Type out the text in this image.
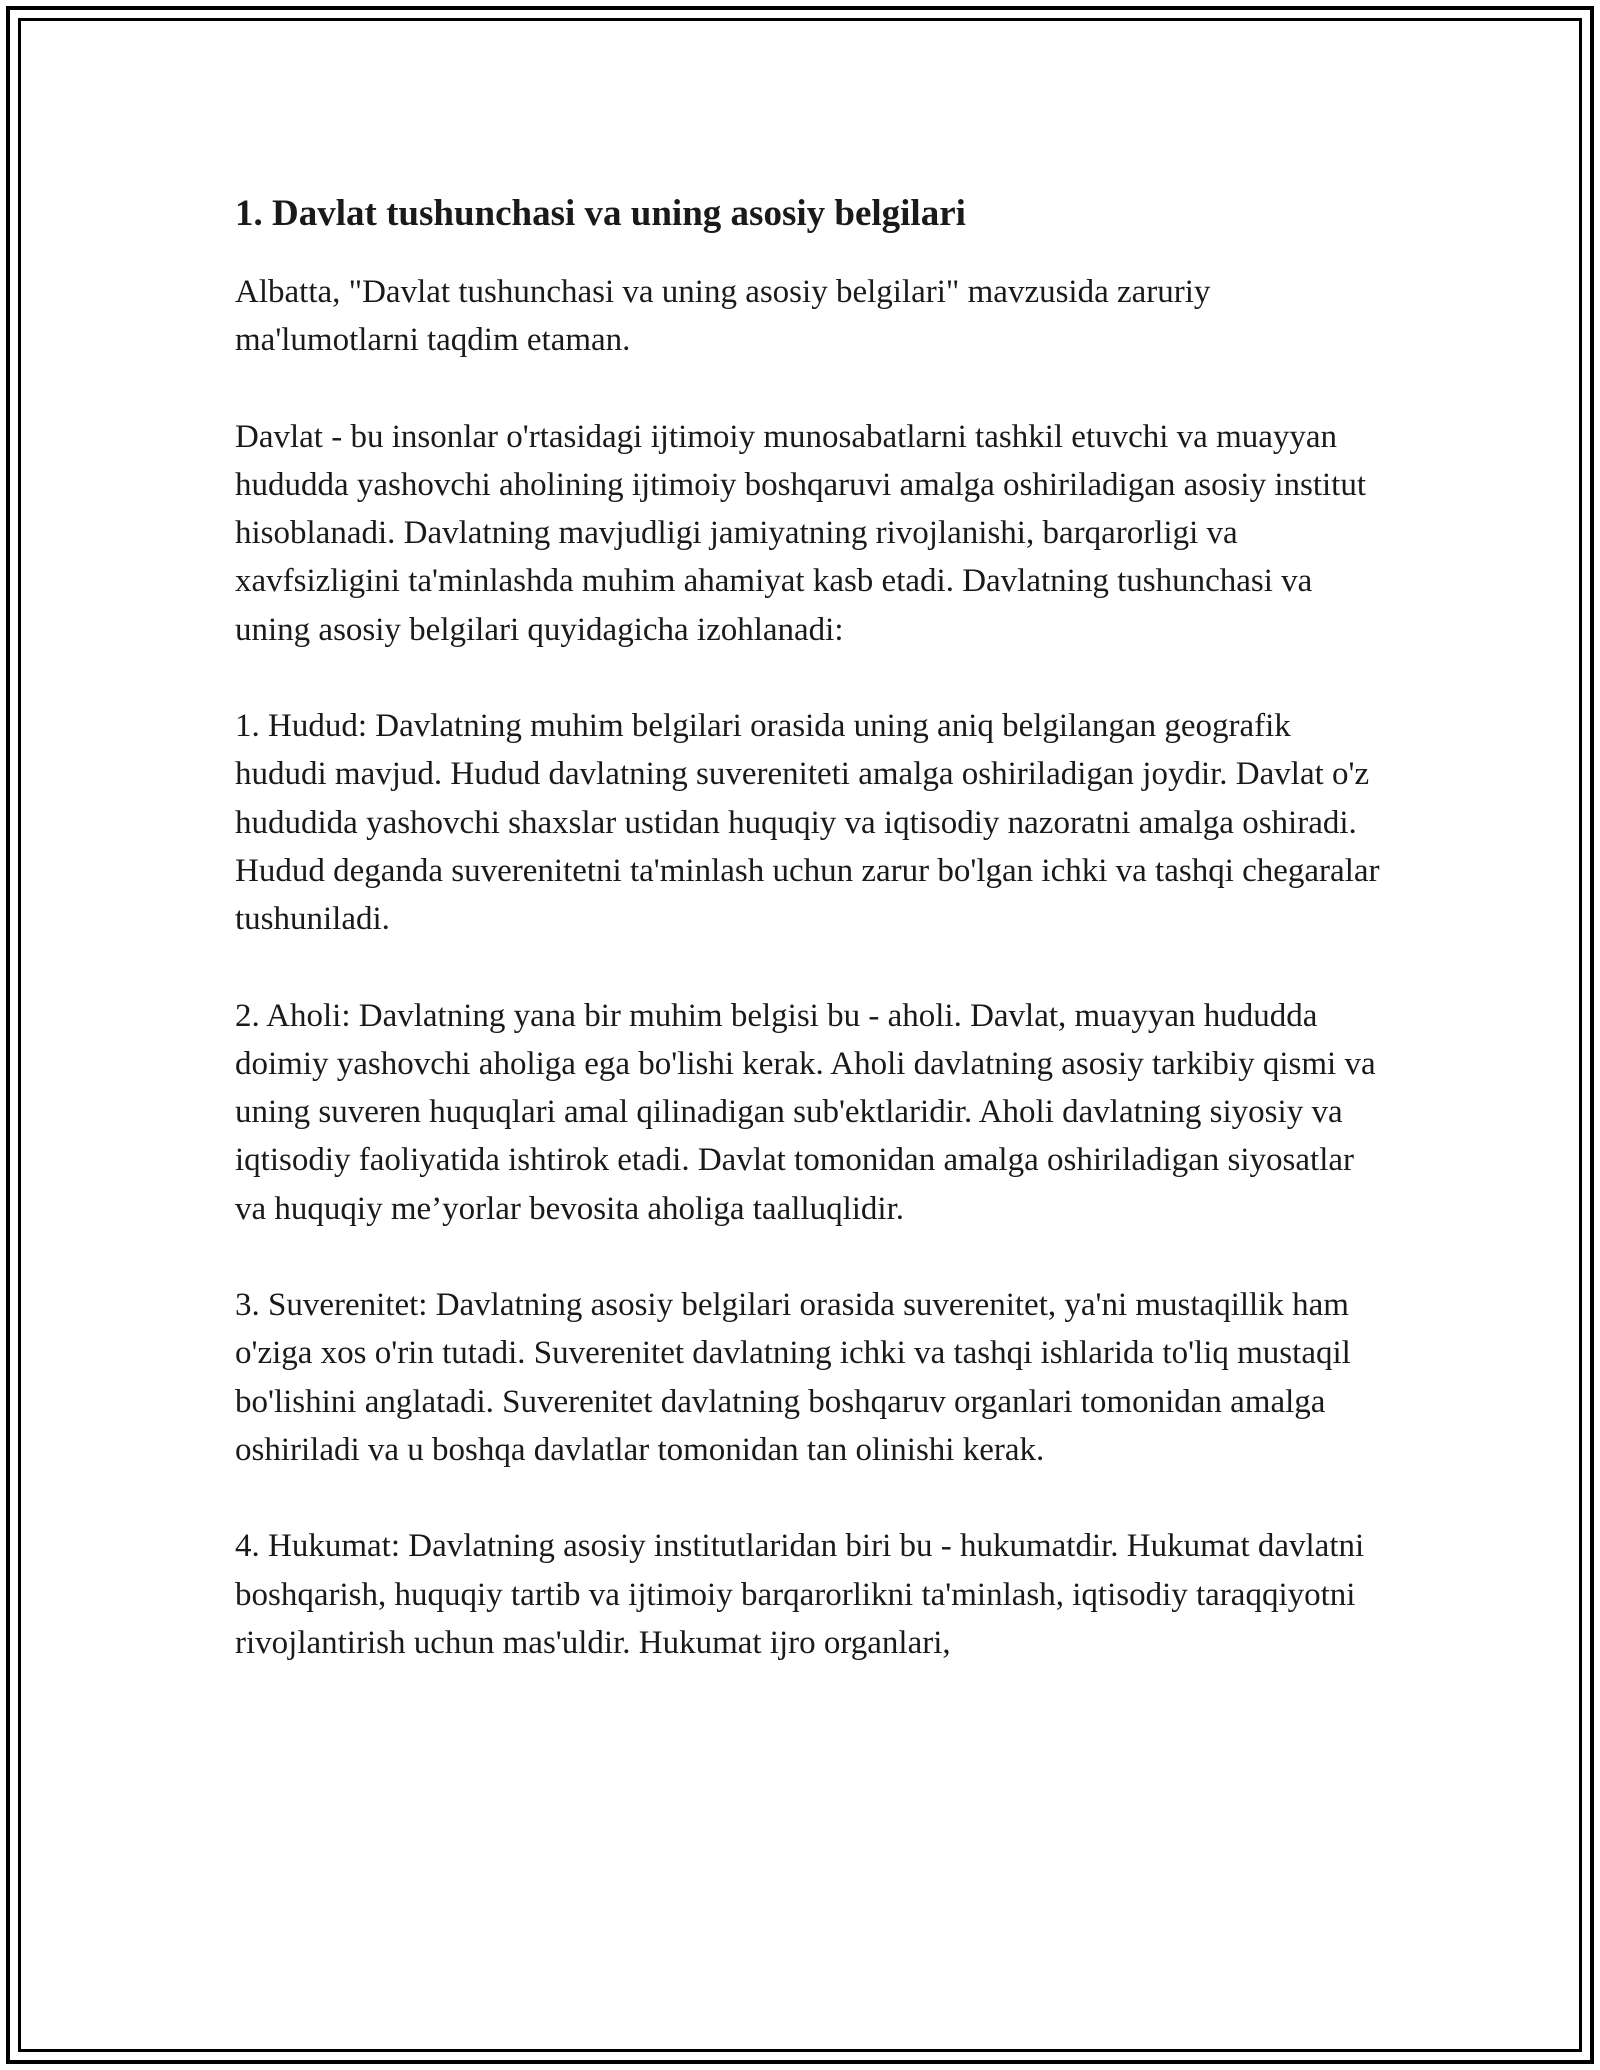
1. Davlat tushunchasi va uning asosiy belgilari

Albatta, "Davlat tushunchasi va uning asosiy belgilari" mavzusida zaruriy ma'lumotlarni taqdim etaman.

Davlat - bu insonlar o'rtasidagi ijtimoiy munosabatlarni tashkil etuvchi va muayyan hududda yashovchi aholining ijtimoiy boshqaruvi amalga oshiriladigan asosiy institut hisoblanadi. Davlatning mavjudligi jamiyatning rivojlanishi, barqarorligi va xavfsizligini ta'minlashda muhim ahamiyat kasb etadi. Davlatning tushunchasi va uning asosiy belgilari quyidagicha izohlanadi:

1. Hudud: Davlatning muhim belgilari orasida uning aniq belgilangan geografik hududi mavjud. Hudud davlatning suvereniteti amalga oshiriladigan joydir. Davlat o'z hududida yashovchi shaxslar ustidan huquqiy va iqtisodiy nazoratni amalga oshiradi. Hudud deganda suverenitetni ta'minlash uchun zarur bo'lgan ichki va tashqi chegaralar tushuniladi.

2. Aholi: Davlatning yana bir muhim belgisi bu - aholi. Davlat, muayyan hududda doimiy yashovchi aholiga ega bo'lishi kerak. Aholi davlatning asosiy tarkibiy qismi va uning suveren huquqlari amal qilinadigan sub'ektlaridir. Aholi davlatning siyosiy va iqtisodiy faoliyatida ishtirok etadi. Davlat tomonidan amalga oshiriladigan siyosatlar va huquqiy me’yorlar bevosita aholiga taalluqlidir.

3. Suverenitet: Davlatning asosiy belgilari orasida suverenitet, ya'ni mustaqillik ham o'ziga xos o'rin tutadi. Suverenitet davlatning ichki va tashqi ishlarida to'liq mustaqil bo'lishini anglatadi. Suverenitet davlatning boshqaruv organlari tomonidan amalga oshiriladi va u boshqa davlatlar tomonidan tan olinishi kerak.

4. Hukumat: Davlatning asosiy institutlaridan biri bu - hukumatdir. Hukumat davlatni boshqarish, huquqiy tartib va ijtimoiy barqarorlikni ta'minlash, iqtisodiy taraqqiyotni rivojlantirish uchun mas'uldir. Hukumat ijro organlari,
